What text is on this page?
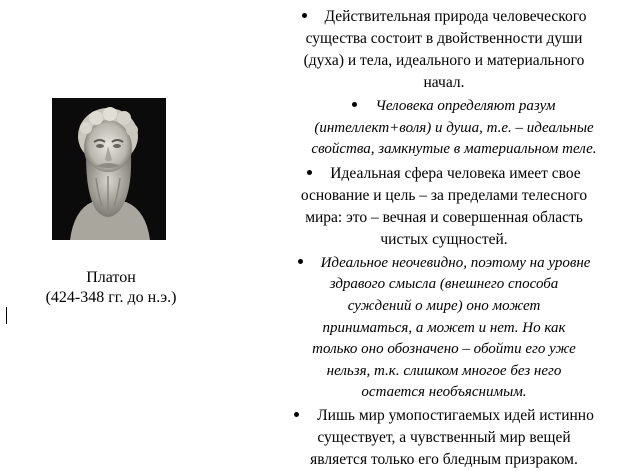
Платон
(424-348 гг. до н.э.)
Действительная природа человеческого
существа состоит в двойственности души
(духа) и тела, идеального и материального
начал.
Человека определяют разум
(интеллект+воля) и душа, т.е. – идеальные
свойства, замкнутые в материальном теле.
Идеальная сфера человека имеет свое
основание и цель – за пределами телесного
мира: это – вечная и совершенная область
чистых сущностей.
Идеальное неочевидно, поэтому на уровне
здравого смысла (внешнего способа
суждений о мире) оно может
приниматься, а может и нет. Но как
только оно обозначено – обойти его уже
нельзя, т.к. слишком многое без него
остается необъяснимым.
Лишь мир умопостигаемых идей истинно
существует, а чувственный мир вещей
является только его бледным призраком.
